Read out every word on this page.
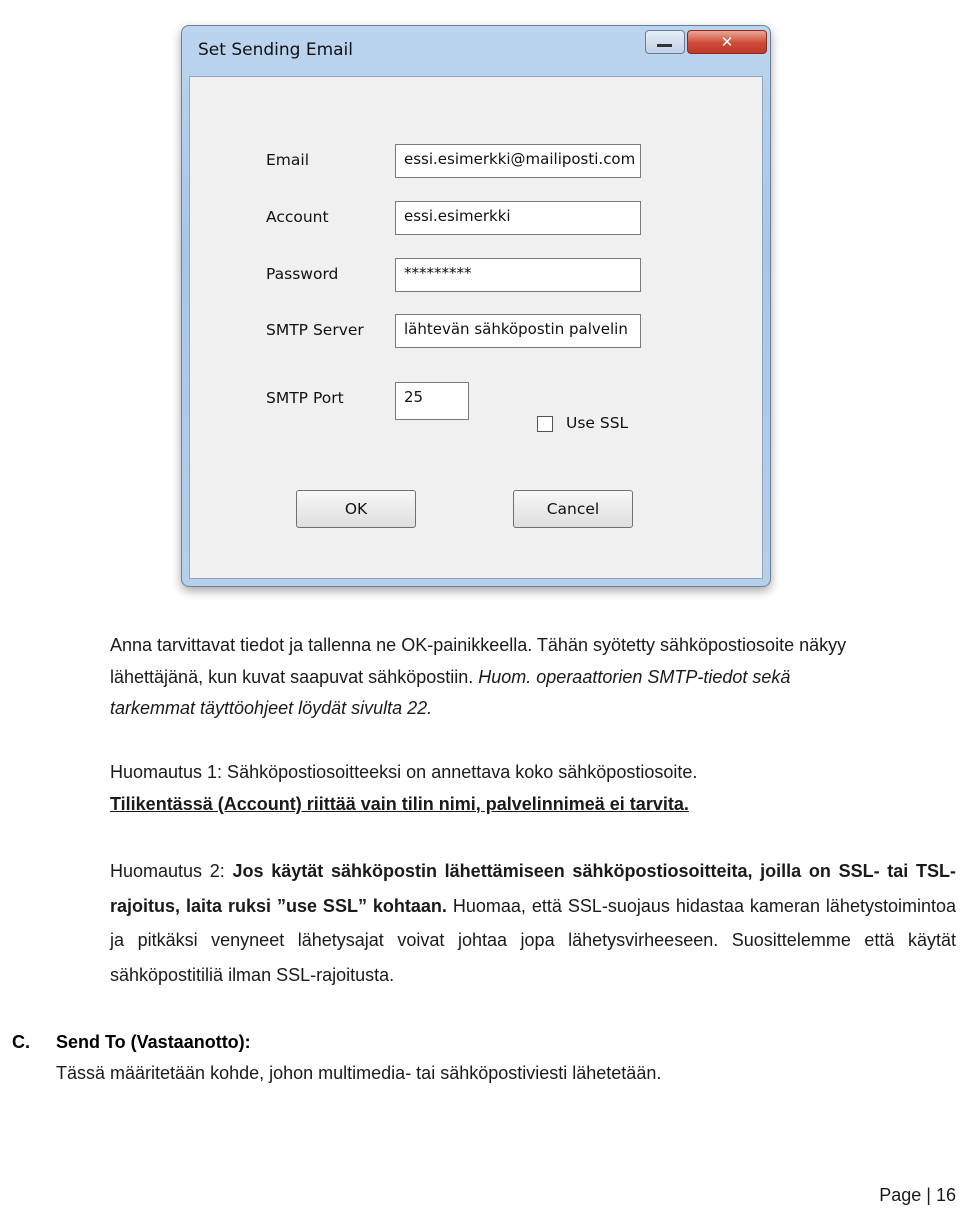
Set Sending Email	✕
Email	essi.esimerkki@mailiposti.com
Account	essi.esimerkki
Password	*********
SMTP Server	lähtevän sähköpostin palvelin
SMTP Port	25
Use SSL
OK	Cancel

Anna tarvittavat tiedot ja tallenna ne OK-painikkeella. Tähän syötetty sähköpostiosoite näkyy lähettäjänä, kun kuvat saapuvat sähköpostiin. Huom. operaattorien SMTP-tiedot sekä tarkemmat täyttöohjeet löydät sivulta 22.

Huomautus 1: Sähköpostiosoitteeksi on annettava koko sähköpostiosoite.
Tilikentässä (Account) riittää vain tilin nimi, palvelinnimeä ei tarvita.

Huomautus 2: Jos käytät sähköpostin lähettämiseen sähköpostiosoitteita, joilla on SSL- tai TSL-rajoitus, laita ruksi ”use SSL” kohtaan. Huomaa, että SSL-suojaus hidastaa kameran lähetystoimintoa ja pitkäksi venyneet lähetysajat voivat johtaa jopa lähetysvirheeseen. Suosittelemme että käytät sähköpostitiliä ilman SSL-rajoitusta.

C. Send To (Vastaanotto):
Tässä määritetään kohde, johon multimedia- tai sähköpostiviesti lähetetään.
Page | 16
